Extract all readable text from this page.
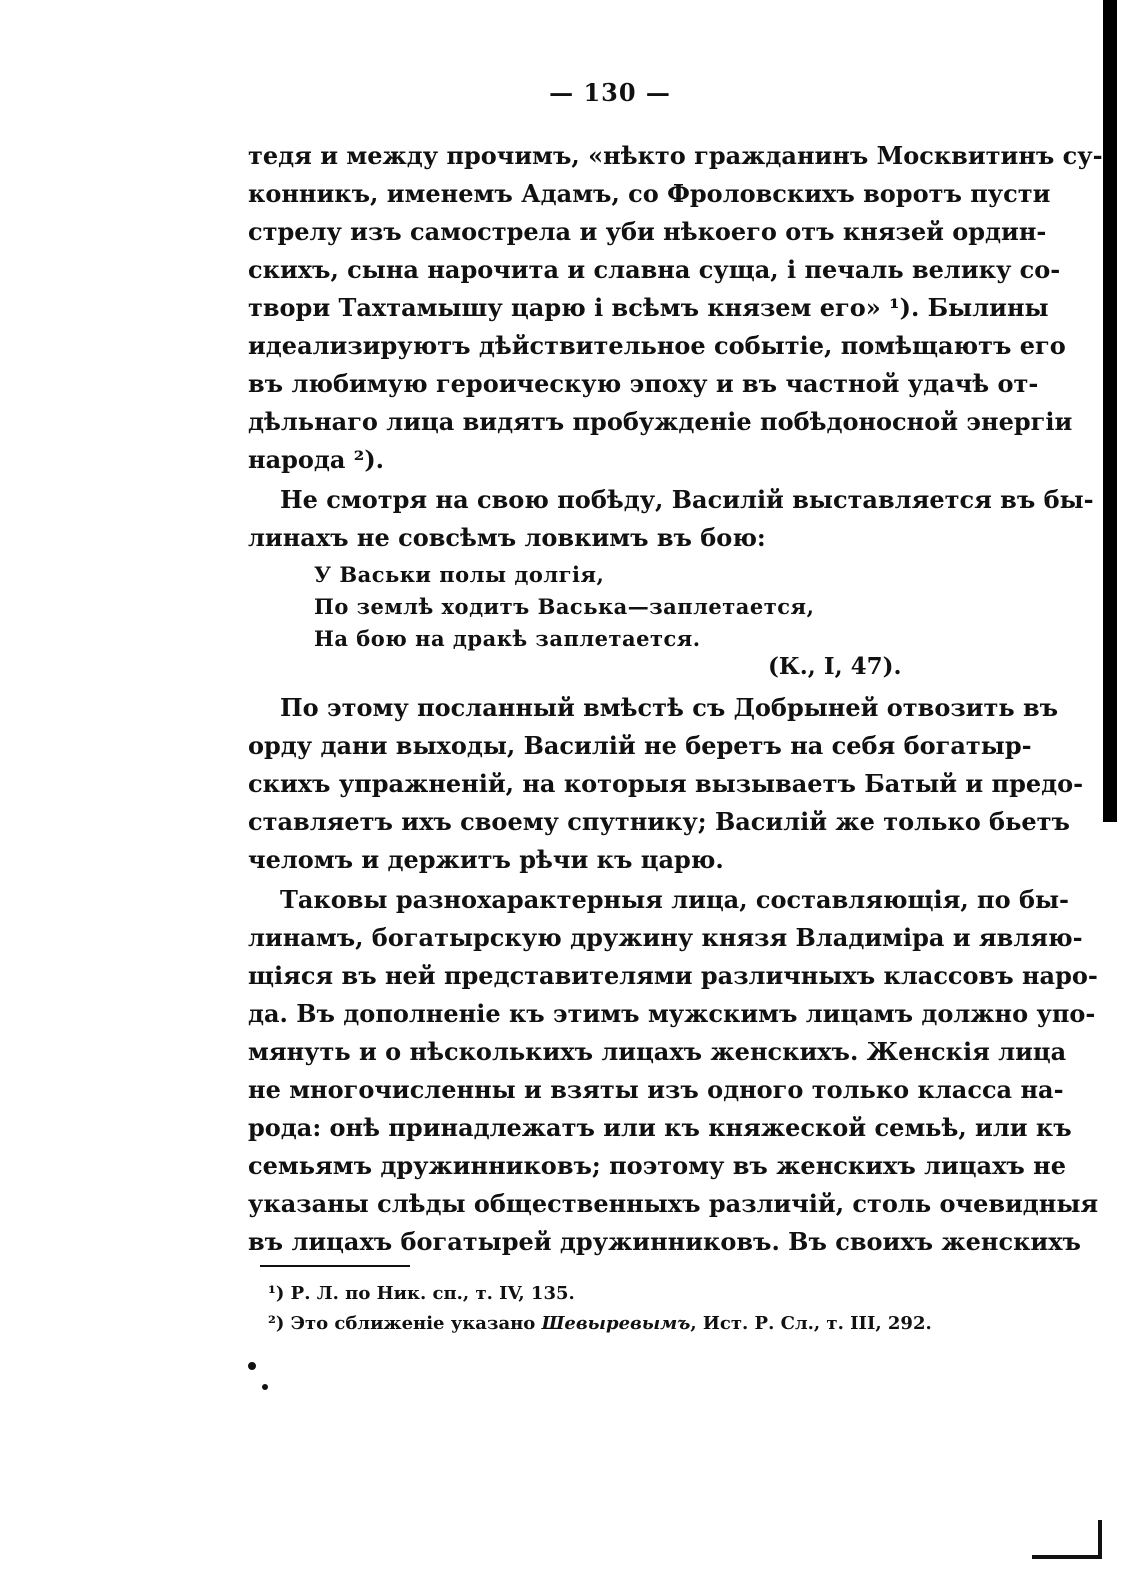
— 130 —
тедя и между прочимъ, «нѣкто гражданинъ Москвитинъ су-
конникъ, именемъ Адамъ, со Фроловскихъ воротъ пусти
стрелу изъ самострела и уби нѣкоего отъ князей ордин-
скихъ, сына нарочита и славна суща, і печаль велику со-
твори Тахтамышу царю і всѣмъ князем его» ¹). Былины
идеализируютъ дѣйствительное событіе, помѣщаютъ его
въ любимую героическую эпоху и въ частной удачѣ от-
дѣльнаго лица видятъ пробужденіе побѣдоносной энергіи
народа ²).
Не смотря на свою побѣду, Василій выставляется въ бы-
линахъ не совсѣмъ ловкимъ въ бою:
У Васьки полы долгія,
По землѣ ходитъ Васька—заплетается,
На бою на дракѣ заплетается.
(К., I, 47).
По этому посланный вмѣстѣ съ Добрыней отвозить въ
орду дани выходы, Василій не беретъ на себя богатыр-
скихъ упражненій, на которыя вызываетъ Батый и предо-
ставляетъ ихъ своему спутнику; Василій же только бьетъ
челомъ и держитъ рѣчи къ царю.
Таковы разнохарактерныя лица, составляющія, по бы-
линамъ, богатырскую дружину князя Владиміра и являю-
щіяся въ ней представителями различныхъ классовъ наро-
да. Въ дополненіе къ этимъ мужскимъ лицамъ должно упо-
мянуть и о нѣсколькихъ лицахъ женскихъ. Женскія лица
не многочисленны и взяты изъ одного только класса на-
рода: онѣ принадлежатъ или къ княжеской семьѣ, или къ
семьямъ дружинниковъ; поэтому въ женскихъ лицахъ не
указаны слѣды общественныхъ различій, столь очевидныя
въ лицахъ богатырей дружинниковъ. Въ своихъ женскихъ
¹) Р. Л. по Ник. сп., т. IV, 135.
²) Это сближеніе указано Шевыревымъ, Ист. Р. Сл., т. III, 292.
